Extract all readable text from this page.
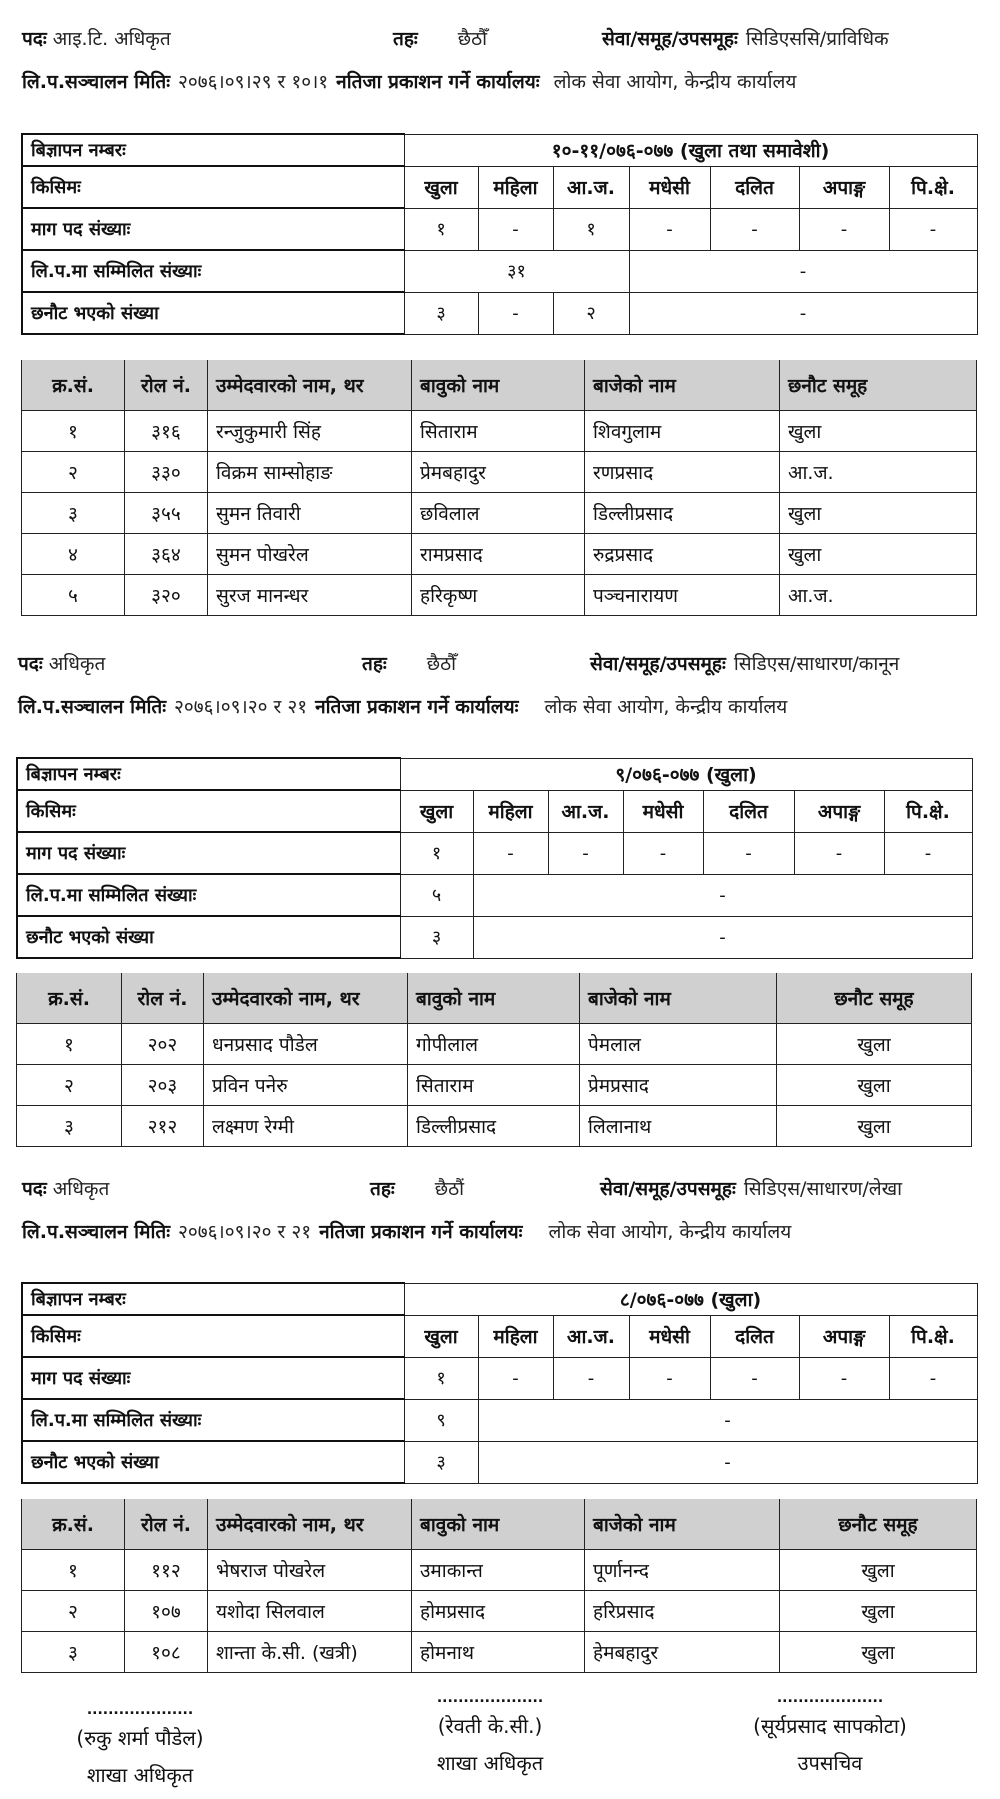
पदः आइ.टि. अधिकृत	तहः छैठौँ	सेवा/समूह/उपसमूहः सिडिएससि/प्राविधिक
लि.प.सञ्चालन मितिः २०७६।०९।२९ र १०।१ नतिजा प्रकाशन गर्ने कार्यालयः लोक सेवा आयोग, केन्द्रीय कार्यालय
बिज्ञापन नम्बरः	१०-११/०७६-०७७ (खुला तथा समावेशी)						
किसिमः	खुला	महिला	आ.ज.	मधेसी	दलित	अपाङ्ग	पि.क्षे.
माग पद संख्याः	१	-	१	-	-	-	-
लि.प.मा सम्मिलित संख्याः	३१			-			
छनौट भएको संख्या	३	-	२	-			
क्र.सं.	रोल नं.	उम्मेदवारको नाम, थर	बावुको नाम	बाजेको नाम	छनौट समूह
१	३१६	रन्जुकुमारी सिंह	सिताराम	शिवगुलाम	खुला
२	३३०	विक्रम साम्सोहाङ	प्रेमबहादुर	रणप्रसाद	आ.ज.
३	३५५	सुमन तिवारी	छविलाल	डिल्लीप्रसाद	खुला
४	३६४	सुमन पोखरेल	रामप्रसाद	रुद्रप्रसाद	खुला
५	३२०	सुरज मानन्धर	हरिकृष्ण	पञ्चनारायण	आ.ज.
पदः अधिकृत	तहः छैठौँ	सेवा/समूह/उपसमूहः सिडिएस/साधारण/कानून
लि.प.सञ्चालन मितिः २०७६।०९।२० र २१ नतिजा प्रकाशन गर्ने कार्यालयः लोक सेवा आयोग, केन्द्रीय कार्यालय
बिज्ञापन नम्बरः	९/०७६-०७७ (खुला)						
किसिमः	खुला	महिला	आ.ज.	मधेसी	दलित	अपाङ्ग	पि.क्षे.
माग पद संख्याः	१	-	-	-	-	-	-
लि.प.मा सम्मिलित संख्याः	५	-					
छनौट भएको संख्या	३	-					
क्र.सं.	रोल नं.	उम्मेदवारको नाम, थर	बावुको नाम	बाजेको नाम	छनौट समूह
१	२०२	धनप्रसाद पौडेल	गोपीलाल	पेमलाल	खुला
२	२०३	प्रविन पनेरु	सिताराम	प्रेमप्रसाद	खुला
३	२१२	लक्ष्मण रेग्मी	डिल्लीप्रसाद	लिलानाथ	खुला
पदः अधिकृत	तहः छैठौं	सेवा/समूह/उपसमूहः सिडिएस/साधारण/लेखा
लि.प.सञ्चालन मितिः २०७६।०९।२० र २१ नतिजा प्रकाशन गर्ने कार्यालयः लोक सेवा आयोग, केन्द्रीय कार्यालय
बिज्ञापन नम्बरः	८/०७६-०७७ (खुला)						
किसिमः	खुला	महिला	आ.ज.	मधेसी	दलित	अपाङ्ग	पि.क्षे.
माग पद संख्याः	१	-	-	-	-	-	-
लि.प.मा सम्मिलित संख्याः	९	-					
छनौट भएको संख्या	३	-					
क्र.सं.	रोल नं.	उम्मेदवारको नाम, थर	बावुको नाम	बाजेको नाम	छनौट समूह
१	११२	भेषराज पोखरेल	उमाकान्त	पूर्णानन्द	खुला
२	१०७	यशोदा सिलवाल	होमप्रसाद	हरिप्रसाद	खुला
३	१०८	शान्ता के.सी. (खत्री)	होमनाथ	हेमबहादुर	खुला
....................
(रुकु शर्मा पौडेल)
शाखा अधिकृत
....................
(रेवती के.सी.)
शाखा अधिकृत
....................
(सूर्यप्रसाद सापकोटा)
उपसचिव
